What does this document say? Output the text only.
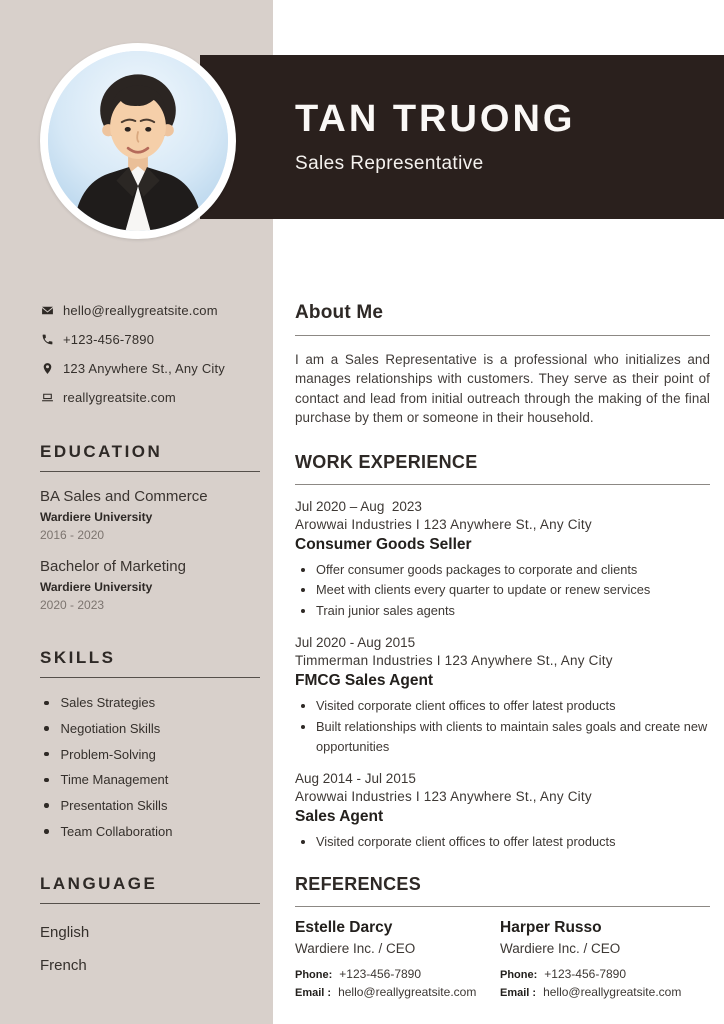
hello@reallygreatsite.com
+123-456-7890
123 Anywhere St., Any City
reallygreatsite.com
EDUCATION
BA Sales and Commerce
Wardiere University
2016 - 2020
Bachelor of Marketing
Wardiere University
2020 - 2023
SKILLS
Sales Strategies
Negotiation Skills
Problem-Solving
Time Management
Presentation Skills
Team Collaboration
LANGUAGE
English
French
TAN TRUONG

Sales Representative

About Me

I am a Sales Representative is a professional who initializes and manages relationships with customers. They serve as their point of contact and lead from initial outreach through the making of the final purchase by them or someone in their household.

WORK EXPERIENCE

Jul 2020 – Aug  2023

Arowwai Industries I 123 Anywhere St., Any City

Consumer Goods Seller

Offer consumer goods packages to corporate and clients
Meet with clients every quarter to update or renew services
Train junior sales agents

Jul 2020 - Aug 2015

Timmerman Industries I 123 Anywhere St., Any City

FMCG Sales Agent

Visited corporate client offices to offer latest products
Built relationships with clients to maintain sales goals and create new opportunities

Aug 2014 - Jul 2015

Arowwai Industries I 123 Anywhere St., Any City

Sales Agent

Visited corporate client offices to offer latest products
REFERENCES

Estelle Darcy

Wardiere Inc. / CEO

Phone: +123-456-7890

Email : hello@reallygreatsite.com

Harper Russo

Wardiere Inc. / CEO

Phone: +123-456-7890

Email : hello@reallygreatsite.com
